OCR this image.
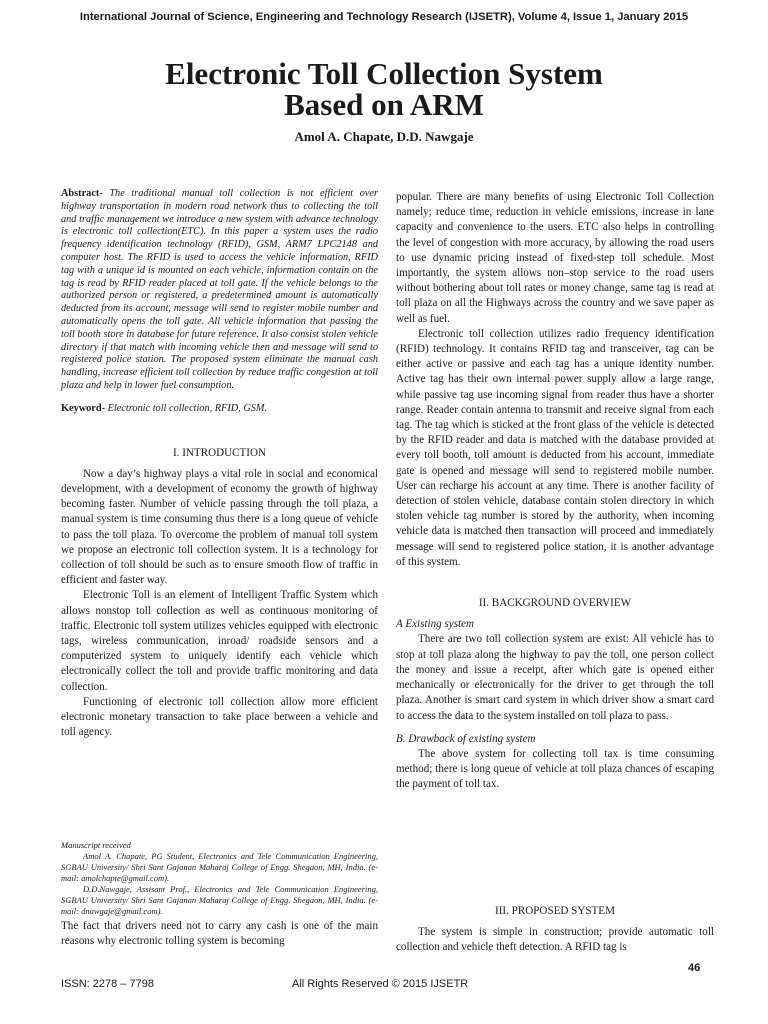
International Journal of Science, Engineering and Technology Research (IJSETR), Volume 4, Issue 1, January 2015
Electronic Toll Collection System
Based on ARM
Amol A. Chapate, D.D. Nawgaje

Abstract- The traditional manual toll collection is not efficient over highway transportation in modern road network thus to collecting the toll and traffic management we introduce a new system with advance technology is electronic toll collection(ETC). In this paper a system uses the radio frequency identification technology (RFID), GSM, ARM7 LPC2148 and computer host. The RFID is used to access the vehicle information, RFID tag with a unique id is mounted on each vehicle, information contain on the tag is read by RFID reader placed at toll gate. If the vehicle belongs to the authorized person or registered, a predetermined amount is automatically deducted from its account, message will send to register mobile number and automatically opens the toll gate. All vehicle information that passing the toll booth store in database for future reference. It also consist stolen vehicle directory if that match with incoming vehicle then and message will send to registered police station. The proposed system eliminate the manual cash handling, increase efficient toll collection by reduce traffic congestion at toll plaza and help in lower fuel consumption.

Keyword- Electronic toll collection, RFID, GSM.

I. INTRODUCTION

Now a day’s highway plays a vital role in social and economical development, with a development of economy the growth of highway becoming faster. Number of vehicle passing through the toll plaza, a manual system is time consuming thus there is a long queue of vehicle to pass the toll plaza. To overcome the problem of manual toll system we propose an electronic toll collection system. It is a technology for collection of toll should be such as to ensure smooth flow of traffic in efficient and faster way.

Electronic Toll is an element of Intelligent Traffic System which allows nonstop toll collection as well as continuous monitoring of traffic. Electronic toll system utilizes vehicles equipped with electronic tags, wireless communication, inroad/ roadside sensors and a computerized system to uniquely identify each vehicle which electronically collect the toll and provide traffic monitoring and data collection.

Functioning of electronic toll collection allow more efficient electronic monetary transaction to take place between a vehicle and toll agency.

Manuscript received

Amol A. Chapate, PG Student, Electronics and Tele Communication Engineering, SGBAU University/ Shri Sant Gajanan Maharaj College of Engg. Shegaon, MH, India. (e-mail: amolchapte@gmail.com).

D.D.Nawgaje, Assisant Prof., Electronics and Tele Communication Engineering, SGBAU University/ Shri Sant Gajanan Maharaj College of Engg. Shegaon, MH, India. (e-mail: dnawgaje@gmail.com).

The fact that drivers need not to carry any cash is one of the main reasons why electronic tolling system is becoming

popular. There are many benefits of using Electronic Toll Collection namely; reduce time, reduction in vehicle emissions, increase in lane capacity and convenience to the users. ETC also helps in controlling the level of congestion with more accuracy, by allowing the road users to use dynamic pricing instead of fixed-step toll schedule. Most importantly, the system allows non–stop service to the road users without bothering about toll rates or money change, same tag is read at toll plaza on all the Highways across the country and we save paper as well as fuel.

Electronic toll collection utilizes radio frequency identification (RFID) technology. It contains RFID tag and transceiver, tag can be either active or passive and each tag has a unique identity number. Active tag has their own internal power supply allow a large range, while passive tag use incoming signal from reader thus have a shorter range. Reader contain antenna to transmit and receive signal from each tag. The tag which is sticked at the front glass of the vehicle is detected by the RFID reader and data is matched with the database provided at every toll booth, toll amount is deducted from his account, immediate gate is opened and message will send to registered mobile number. User can recharge his account at any time. There is another facility of detection of stolen vehicle, database contain stolen directory in which stolen vehicle tag number is stored by the authority, when incoming vehicle data is matched then transaction will proceed and immediately message will send to registered police station, it is another advantage of this system.

II. BACKGROUND OVERVIEW

A Existing system

There are two toll collection system are exist: All vehicle has to stop at toll plaza along the highway to pay the toll, one person collect the money and issue a receipt, after which gate is opened either mechanically or electronically for the driver to get through the toll plaza. Another is smart card system in which driver show a smart card to access the data to the system installed on toll plaza to pass.

B. Drawback of existing system

The above system for collecting toll tax is time consuming method; there is long queue of vehicle at toll plaza chances of escaping the payment of toll tax.

III. PROPOSED SYSTEM

The system is simple in construction; provide automatic toll collection and vehicle theft detection. A RFID tag is

46
ISSN: 2278 – 7798	All Rights Reserved © 2015 IJSETR
